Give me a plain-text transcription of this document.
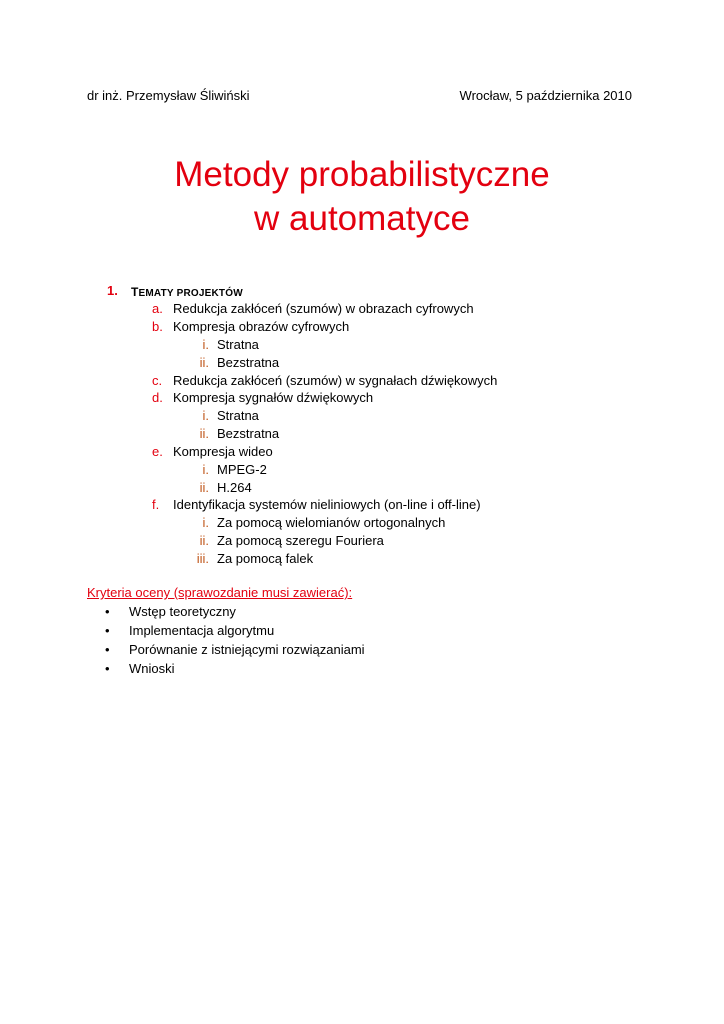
dr inż. Przemysław Śliwiński	Wrocław, 5 października 2010
Metody probabilistyczne
w automatyce
1. TEMATY PROJEKTÓW
a. Redukcja zakłóceń (szumów) w obrazach cyfrowych
b. Kompresja obrazów cyfrowych
i. Stratna
ii. Bezstratna
c. Redukcja zakłóceń (szumów) w sygnałach dźwiękowych
d. Kompresja sygnałów dźwiękowych
i. Stratna
ii. Bezstratna
e. Kompresja wideo
i. MPEG-2
ii. H.264
f. Identyfikacja systemów nieliniowych (on-line i off-line)
i. Za pomocą wielomianów ortogonalnych
ii. Za pomocą szeregu Fouriera
iii. Za pomocą falek
Kryteria oceny (sprawozdanie musi zawierać):
• Wstęp teoretyczny
• Implementacja algorytmu
• Porównanie z istniejącymi rozwiązaniami
• Wnioski
